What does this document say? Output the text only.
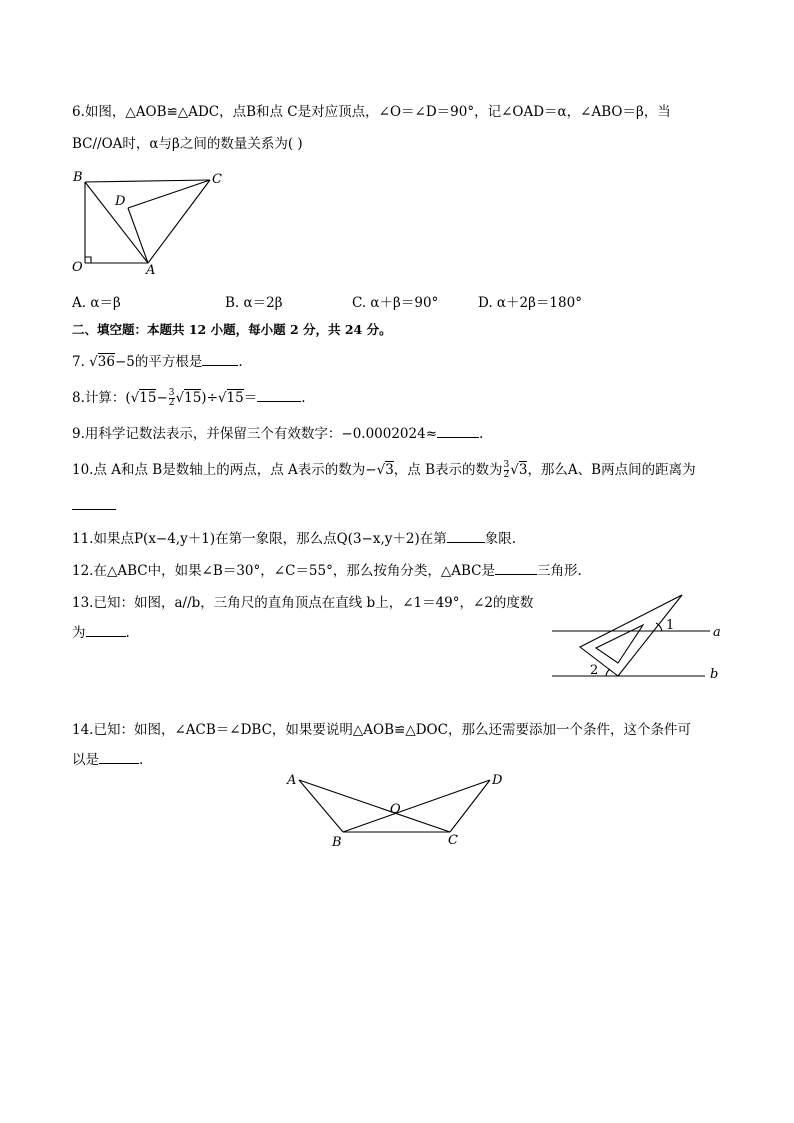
6.如图，△AOB≌△ADC，点B和点 C是对应顶点，∠O＝∠D＝90°，记∠OAD＝α，∠ABO＝β，当
BC//OA时，α与β之间的数量关系为( )
B	C
D
O	A
A. α＝β	B. α＝2β	C. α＋β＝90°	D. α＋2β＝180°
二、填空题：本题共 12 小题，每小题 2 分，共 24 分。
7. √36−5的平方根是	.
8.计算：$(√15- \frac{3}{2} √15)\div√15=$	.
9.用科学记数法表示，并保留三个有效数字：−0.0002024≈	.
10.点 A和点 B是数轴上的两点，点 A表示的数为−√3，点 B表示的数为 $\frac{3}{2} √3$，那么A、B两点间的距离为
11.如果点P(x−4,y＋1)在第一象限，那么点Q(3−x,y＋2)在第	象限.
12.在△ABC中，如果∠B＝30°，∠C＝55°，那么按角分类，△ABC是	三角形.
13.已知：如图，a//b，三角尺的直角顶点在直线 b上，∠1＝49°，∠2的度数
为	.	1
2
a
b
14.已知：如图，∠ACB＝∠DBC，如果要说明△AOB≌△DOC，那么还需要添加一个条件，这个条件可
以是	.
A	D
O
B	C
